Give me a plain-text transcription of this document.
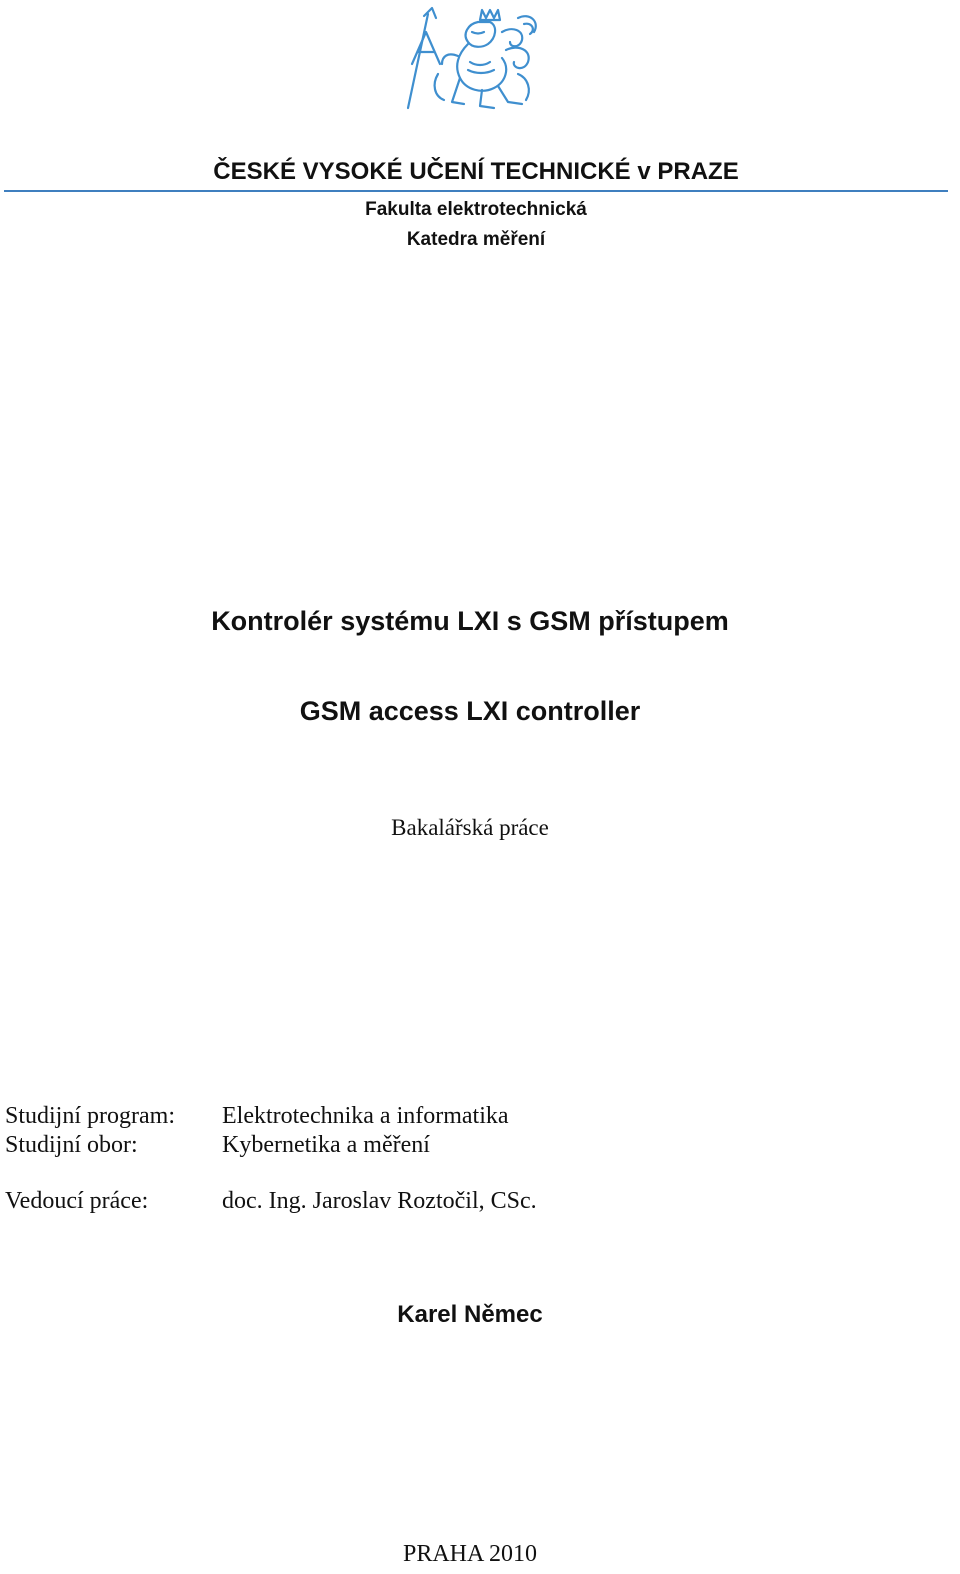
ČESKÉ VYSOKÉ UČENÍ TECHNICKÉ v PRAZE
Fakulta elektrotechnická
Katedra měření
Kontrolér systému LXI s GSM přístupem
GSM access LXI controller
Bakalářská práce
Studijní program: Elektrotechnika a informatika
Studijní obor:	Kybernetika a měření
Vedoucí práce:	doc. Ing. Jaroslav Roztočil, CSc.
Karel Němec
PRAHA 2010
